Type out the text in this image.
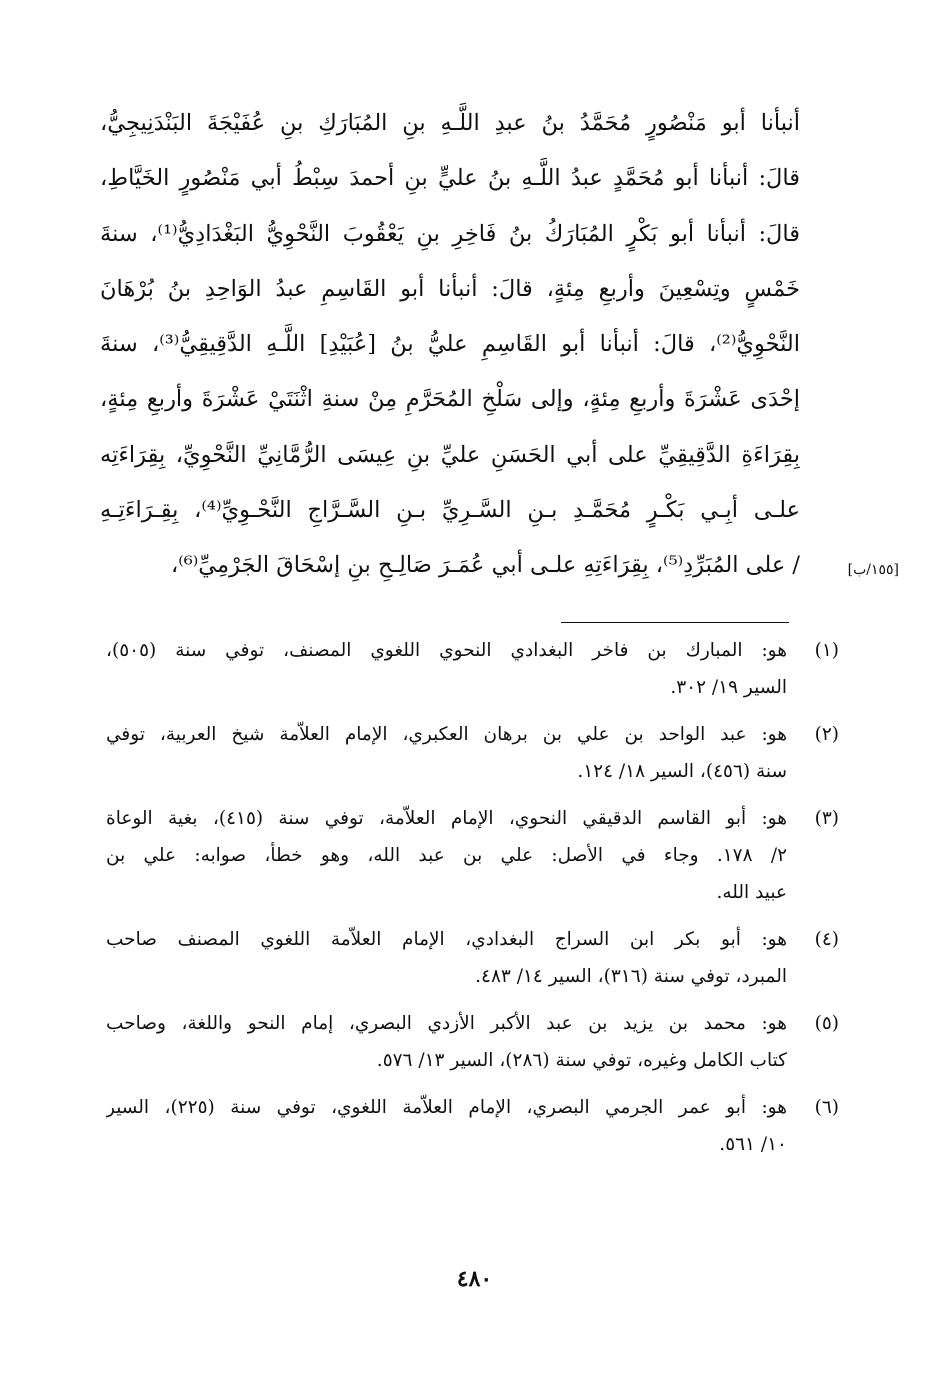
أنبأنا أبو مَنْصُورٍ مُحَمَّدُ بنُ عبدِ اللَّـهِ بنِ المُبَارَكِ بنِ عُفَيْجَةَ البَنْدَنِيجِيُّ،
قالَ: أنبأنا أبو مُحَمَّدٍ عبدُ اللَّـهِ بنُ عليٍّ بنِ أحمدَ سِبْطُ أبي مَنْصُورٍ الخَيَّاطِ،
قالَ: أنبأنا أبو بَكْرٍ المُبَارَكُ بنُ فَاخِرِ بنِ يَعْقُوبَ النَّحْوِيُّ البَغْدَادِيُّ⁽¹⁾، سنةَ
خَمْسٍ وتِسْعِينَ وأربعِ مِئةٍ، قالَ: أنبأنا أبو القَاسِمِ عبدُ الوَاحِدِ بنُ بُرْهَانَ
النَّحْوِيُّ⁽²⁾، قالَ: أنبأنا أبو القَاسِمِ عليُّ بنُ [عُبَيْدِ] اللَّـهِ الدَّقِيقِيُّ⁽³⁾، سنةَ
إحْدَى عَشْرَةَ وأربعِ مِئةٍ، وإلى سَلْخِ المُحَرَّمِ مِنْ سنةِ اثْنَتَيْ عَشْرَةَ وأربعِ مِئةٍ،
بِقِرَاءَةِ الدَّقِيقِيِّ على أبي الحَسَنِ عليِّ بنِ عِيسَى الرُّمَّانِيِّ النَّحْوِيِّ، بِقِرَاءَتِه
علـى أبِـي بَكْـرٍ مُحَمَّـدِ بـنِ السَّـرِيِّ بـنِ السَّـرَّاجِ النَّحْـوِيِّ⁽⁴⁾، بِقِـرَاءَتِـهِ
/ على المُبَرِّدِ⁽⁵⁾، بِقِرَاءَتِهِ علـى أبي عُمَـرَ صَالِـحِ بنِ إسْحَاقَ الجَرْمِيِّ⁽⁶⁾،	[١٥٥/ب]
(١)
هو: المبارك بن فاخر البغدادي النحوي اللغوي المصنف، توفي سنة (٥٠٥)،
السير ١٩/ ٣٠٢.
(٢)
هو: عبد الواحد بن علي بن برهان العكبري، الإمام العلاّمة شيخ العربية، توفي
سنة (٤٥٦)، السير ١٨/ ١٢٤.
(٣)
هو: أبو القاسم الدقيقي النحوي، الإمام العلاّمة، توفي سنة (٤١٥)، بغية الوعاة
٢/ ١٧٨. وجاء في الأصل: علي بن عبد الله، وهو خطأ، صوابه: علي بن
عبيد الله.
(٤)
هو: أبو بكر ابن السراج البغدادي، الإمام العلاّمة اللغوي المصنف صاحب
المبرد، توفي سنة (٣١٦)، السير ١٤/ ٤٨٣.
(٥)
هو: محمد بن يزيد بن عبد الأكبر الأزدي البصري، إمام النحو واللغة، وصاحب
كتاب الكامل وغيره، توفي سنة (٢٨٦)، السير ١٣/ ٥٧٦.
(٦)
هو: أبو عمر الجرمي البصري، الإمام العلاّمة اللغوي، توفي سنة (٢٢٥)، السير
١٠/ ٥٦١.
٤٨٠
